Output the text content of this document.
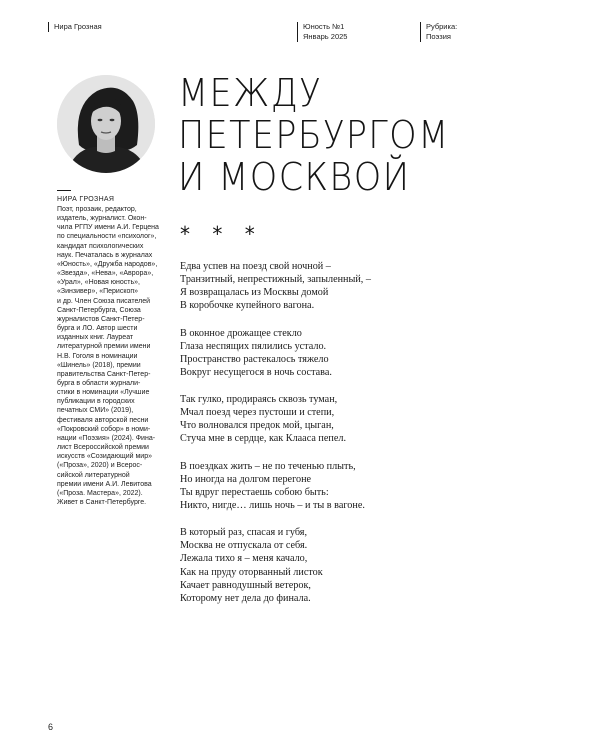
Нира Грозная	Юность №1
Январь 2025
Рубрика:
Поэзия
МЕЖДУ
ПЕТЕРБУРГОМ
И МОСКВОЙ
НИРА ГРОЗНАЯ
Поэт, прозаик, редактор,
издатель, журналист. Окон-
чила РГПУ имени А.И. Герцена
по специальности «психолог»,
кандидат психологических
наук. Печаталась в журналах
«Юность», «Дружба народов»,
«Звезда», «Нева», «Аврора»,
«Урал», «Новая юность»,
«Зинзивер», «Перископ»
и др. Член Союза писателей
Санкт-Петербурга, Союза
журналистов Санкт-Петер-
бурга и ЛО. Автор шести
изданных книг. Лауреат
литературной премии имени
Н.В. Гоголя в номинации
«Шинель» (2018), премии
правительства Санкт-Петер-
бурга в области журнали-
стики в номинации «Лучшие
публикации в городских
печатных СМИ» (2019),
фестиваля авторской песни
«Покровский собор» в номи-
нации «Поэзия» (2024). Фина-
лист Всероссийской премии
искусств «Созидающий мир»
(«Проза», 2020) и Всерос-
сийской литературной
премии имени А.И. Левитова
(«Проза. Мастера», 2022).
Живет в Санкт-Петербурге.
* * *
Едва успев на поезд свой ночной –
Транзитный, непрестижный, запыленный, –
Я возвращалась из Москвы домой
В коробочке купейного вагона.
В оконное дрожащее стекло
Глаза неспящих пялились устало.
Пространство растекалось тяжело
Вокруг несущегося в ночь состава.
Так гулко, продираясь сквозь туман,
Мчал поезд через пустоши и степи,
Что волновался предок мой, цыган,
Стуча мне в сердце, как Клааса пепел.
В поездках жить – не по теченью плыть,
Но иногда на долгом перегоне
Ты вдруг перестаешь собою быть:
Никто, нигде… лишь ночь – и ты в вагоне.
В который раз, спасая и губя,
Москва не отпускала от себя.
Лежала тихо я – меня качало,
Как на пруду оторванный листок
Качает равнодушный ветерок,
Которому нет дела до финала.
6
